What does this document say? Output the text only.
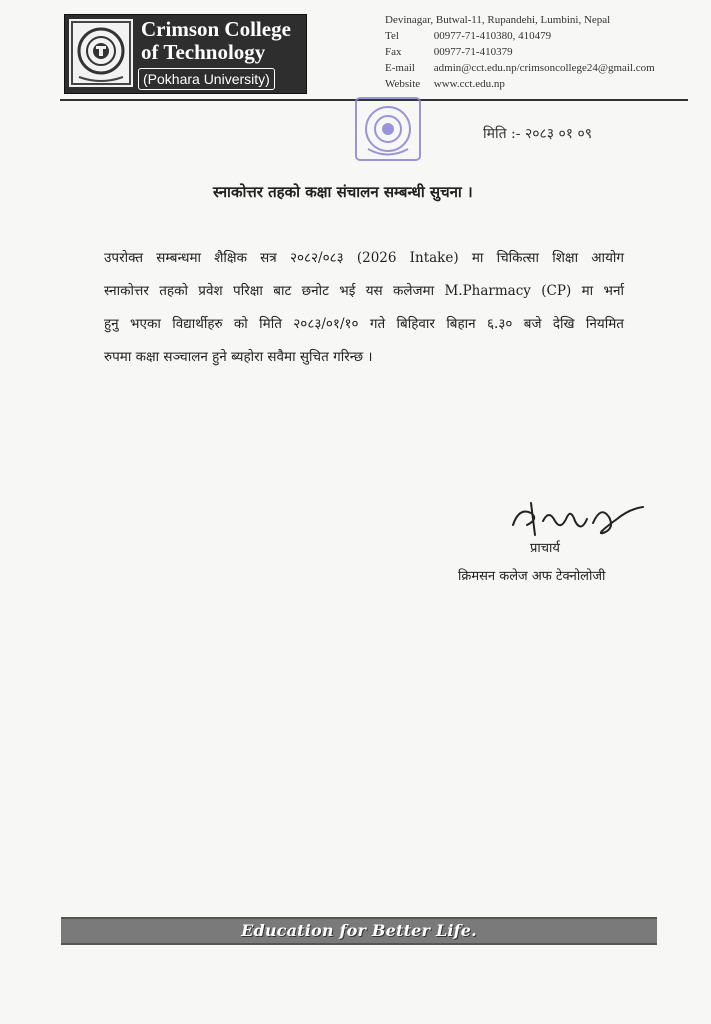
Crimson College
of Technology
(Pokhara University)
Devinagar, Butwal-11, Rupandehi, Lumbini, Nepal
Tel	00977-71-410380, 410479
Fax	00977-71-410379
E-mail admin@cct.edu.np/crimsoncollege24@gmail.com
Website www.cct.edu.np
मिति :- २०८३ ०१ ०९
स्नाकोत्तर तहको कक्षा संचालन सम्बन्धी सुचना ।
उपरोक्त सम्बन्धमा शैक्षिक सत्र २०८२/०८३ (2026 Intake) मा चिकित्सा शिक्षा आयोग
स्नाकोत्तर तहको प्रवेश परिक्षा बाट छनोट भई यस कलेजमा M.Pharmacy (CP) मा भर्ना
हुनु भएका विद्यार्थीहरु को मिति २०८३/०१/१० गते बिहिवार बिहान ६.३० बजे देखि नियमित
रुपमा कक्षा सञ्चालन हुने ब्यहोरा सवैमा सुचित गरिन्छ ।
प्राचार्य
क्रिमसन कलेज अफ टेक्नोलोजी
Education for Better Life.
